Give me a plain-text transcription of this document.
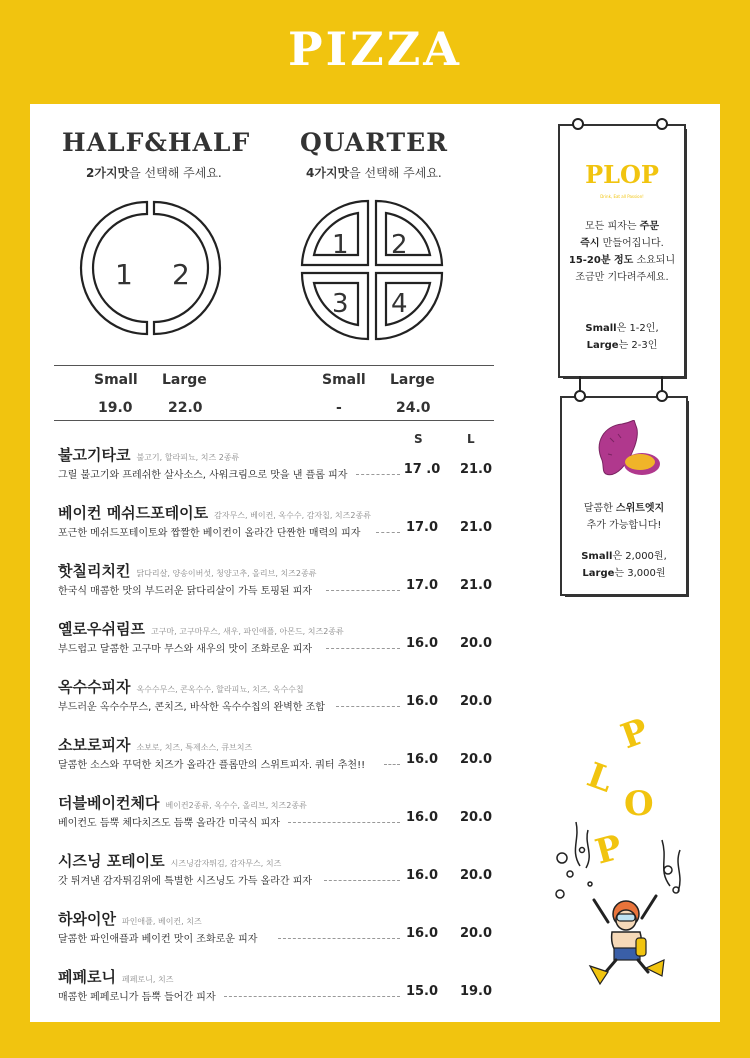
PIZZA
HALF&HALF
2가지맛을 선택해 주세요.
1 2
QUARTER
4가지맛을 선택해 주세요.
1 2
3 4
Small Large	Small Large
19.0	22.0	-	24.0
S	L
불고기타코 불고기, 할라피뇨, 치즈 2종류
그릴 불고기와 프레쉬한 살사소스, 사워크림으로 맛을 낸 플롭 피자	17 .0	21.0
베이컨 메쉬드포테이토 감자무스, 베이컨, 옥수수, 감자칩, 치즈2종류
포근한 메쉬드포테이토와 짭짤한 베이컨이 올라간 단짠한 매력의 피자	17.0	21.0
핫칠리치킨 닭다리살, 양송이버섯, 청양고추, 올리브, 치즈2종류
한국식 매콤한 맛의 부드러운 닭다리살이 가득 토핑된 피자	17.0	21.0
옐로우쉬림프 고구마, 고구마무스, 새우, 파인애플, 아몬드, 치즈2종류
부드럽고 달콤한 고구마 무스와 새우의 맛이 조화로운 피자	16.0	20.0
옥수수피자 옥수수무스, 콘옥수수, 할라피뇨, 치즈, 옥수수칩
부드러운 옥수수무스, 콘치즈, 바삭한 옥수수칩의 완벽한 조합	16.0	20.0
소보로피자 소보로, 치즈, 특제소스, 큐브치즈
달콤한 소스와 꾸덕한 치즈가 올라간 플롭만의 스위트피자. 쿼터 추천!!	16.0	20.0
더블베이컨체다 베이컨2종류, 옥수수, 올리브, 치즈2종류
베이컨도 듬뿍 체다치즈도 듬뿍 올라간 미국식 피자	16.0	20.0
시즈닝 포테이토 시즈닝감자튀김, 감자무스, 치즈
갓 튀겨낸 감자튀김위에 특별한 시즈닝도 가득 올라간 피자	16.0	20.0
하와이안 파인애플, 베이컨, 치즈
달콤한 파인애플과 베이컨 맛이 조화로운 피자	16.0	20.0
페페로니 페페로니, 치즈
매콤한 페페로니가 듬뿍 들어간 피자	15.0	19.0
PLOP
Drink, Eat all Passion!
모든 피자는 주문
즉시 만들어집니다.
15-20분 정도 소요되니
조금만 기다려주세요.
Small은 1-2인,
Large는 2-3인
달콤한 스위트엣지
추가 가능합니다!
Small은 2,000원,
Large는 3,000원
P
L
O
P
